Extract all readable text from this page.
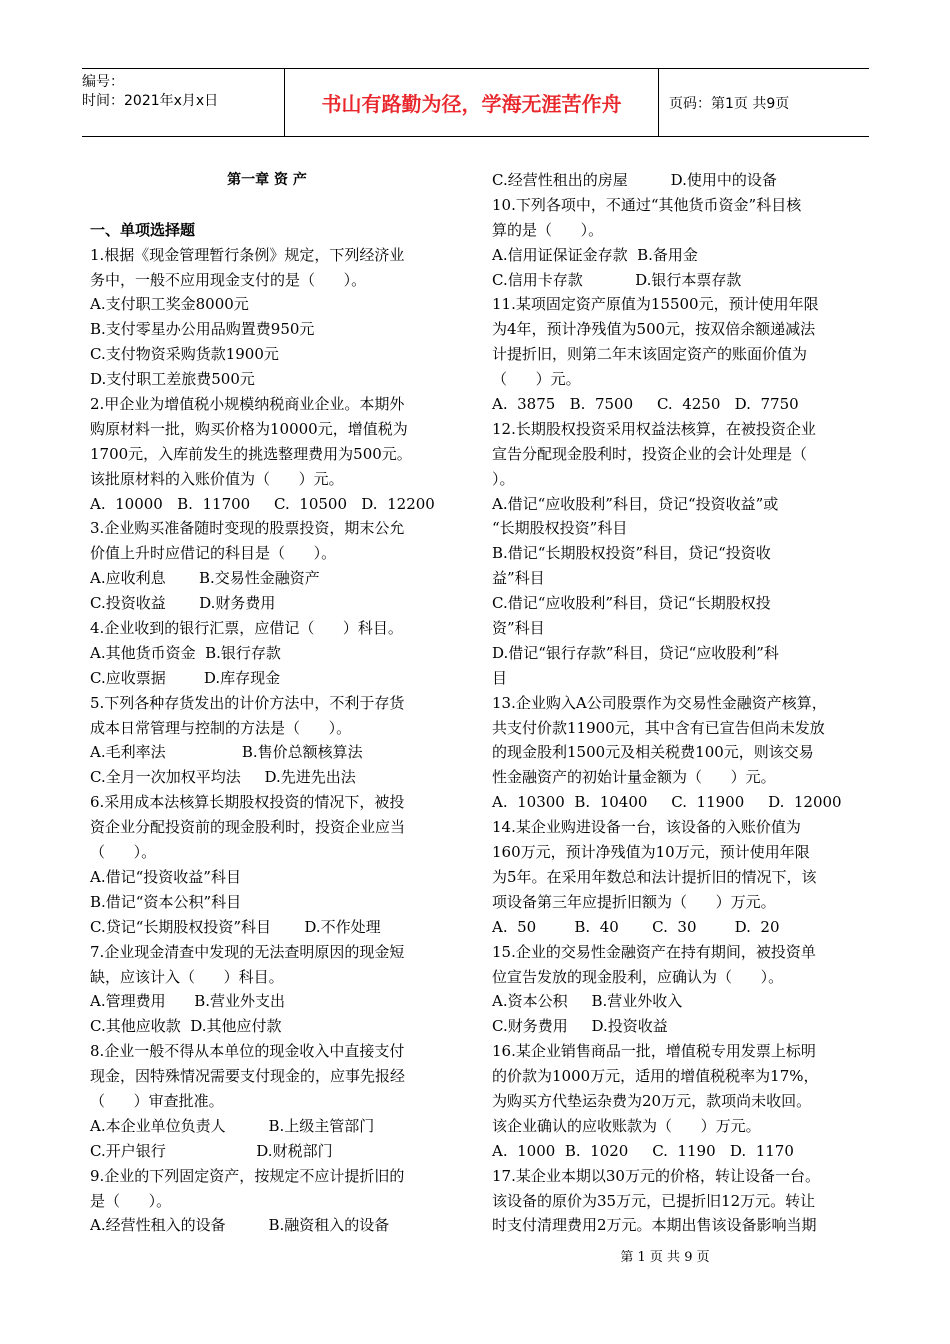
编号：
时间：2021年x月x日	书山有路勤为径，学海无涯苦作舟	页码：第1页 共9页
第一章 资 产
一、单项选择题
1.根据《现金管理暂行条例》规定，下列经济业
务中，一般不应用现金支付的是（      ）。
A.支付职工奖金8000元
B.支付零星办公用品购置费950元
C.支付物资采购货款1900元
D.支付职工差旅费500元
2.甲企业为增值税小规模纳税商业企业。本期外
购原材料一批，购买价格为10000元，增值税为
1700元，入库前发生的挑选整理费用为500元。
该批原材料的入账价值为（      ）元。
A.  10000   B.  11700     C.  10500   D.  12200
3.企业购买准备随时变现的股票投资，期末公允
价值上升时应借记的科目是（      ）。
A.应收利息       B.交易性金融资产
C.投资收益       D.财务费用
4.企业收到的银行汇票，应借记（      ）科目。
A.其他货币资金  B.银行存款
C.应收票据        D.库存现金
5.下列各种存货发出的计价方法中，不利于存货
成本日常管理与控制的方法是（      ）。
A.毛利率法                B.售价总额核算法
C.全月一次加权平均法     D.先进先出法
6.采用成本法核算长期股权投资的情况下，被投
资企业分配投资前的现金股利时，投资企业应当
（      ）。
A.借记“投资收益”科目
B.借记“资本公积”科目
C.贷记“长期股权投资”科目       D.不作处理
7.企业现金清查中发现的无法查明原因的现金短
缺，应该计入（      ）科目。
A.管理费用      B.营业外支出
C.其他应收款  D.其他应付款
8.企业一般不得从本单位的现金收入中直接支付
现金，因特殊情况需要支付现金的，应事先报经
（      ）审查批准。
A.本企业单位负责人         B.上级主管部门
C.开户银行                   D.财税部门
9.企业的下列固定资产，按规定不应计提折旧的
是（      ）。
A.经营性租入的设备         B.融资租入的设备
C.经营性租出的房屋         D.使用中的设备
10.下列各项中，不通过“其他货币资金”科目核
算的是（      ）。
A.信用证保证金存款  B.备用金
C.信用卡存款           D.银行本票存款
11.某项固定资产原值为15500元，预计使用年限
为4年，预计净残值为500元，按双倍余额递减法
计提折旧，则第二年末该固定资产的账面价值为
（      ）元。
A.  3875   B.  7500     C.  4250   D.  7750
12.长期股权投资采用权益法核算，在被投资企业
宣告分配现金股利时，投资企业的会计处理是（
）。
A.借记“应收股利”科目，贷记“投资收益”或
“长期股权投资”科目
B.借记“长期股权投资”科目，贷记“投资收
益”科目
C.借记“应收股利”科目，贷记“长期股权投
资”科目
D.借记“银行存款”科目，贷记“应收股利”科
目
13.企业购入A公司股票作为交易性金融资产核算，
共支付价款11900元，其中含有已宣告但尚未发放
的现金股利1500元及相关税费100元，则该交易
性金融资产的初始计量金额为（      ）元。
A.  10300  B.  10400     C.  11900     D.  12000
14.某企业购进设备一台，该设备的入账价值为
160万元，预计净残值为10万元，预计使用年限
为5年。在采用年数总和法计提折旧的情况下，该
项设备第三年应提折旧额为（      ）万元。
A.  50        B.  40       C.  30        D.  20
15.企业的交易性金融资产在持有期间，被投资单
位宣告发放的现金股利，应确认为（      ）。
A.资本公积     B.营业外收入
C.财务费用     D.投资收益
16.某企业销售商品一批，增值税专用发票上标明
的价款为1000万元，适用的增值税税率为17%，
为购买方代垫运杂费为20万元，款项尚未收回。
该企业确认的应收账款为（      ）万元。
A.  1000  B.  1020     C.  1190   D.  1170
17.某企业本期以30万元的价格，转让设备一台。
该设备的原价为35万元，已提折旧12万元。转让
时支付清理费用2万元。本期出售该设备影响当期
第 1 页 共 9 页
